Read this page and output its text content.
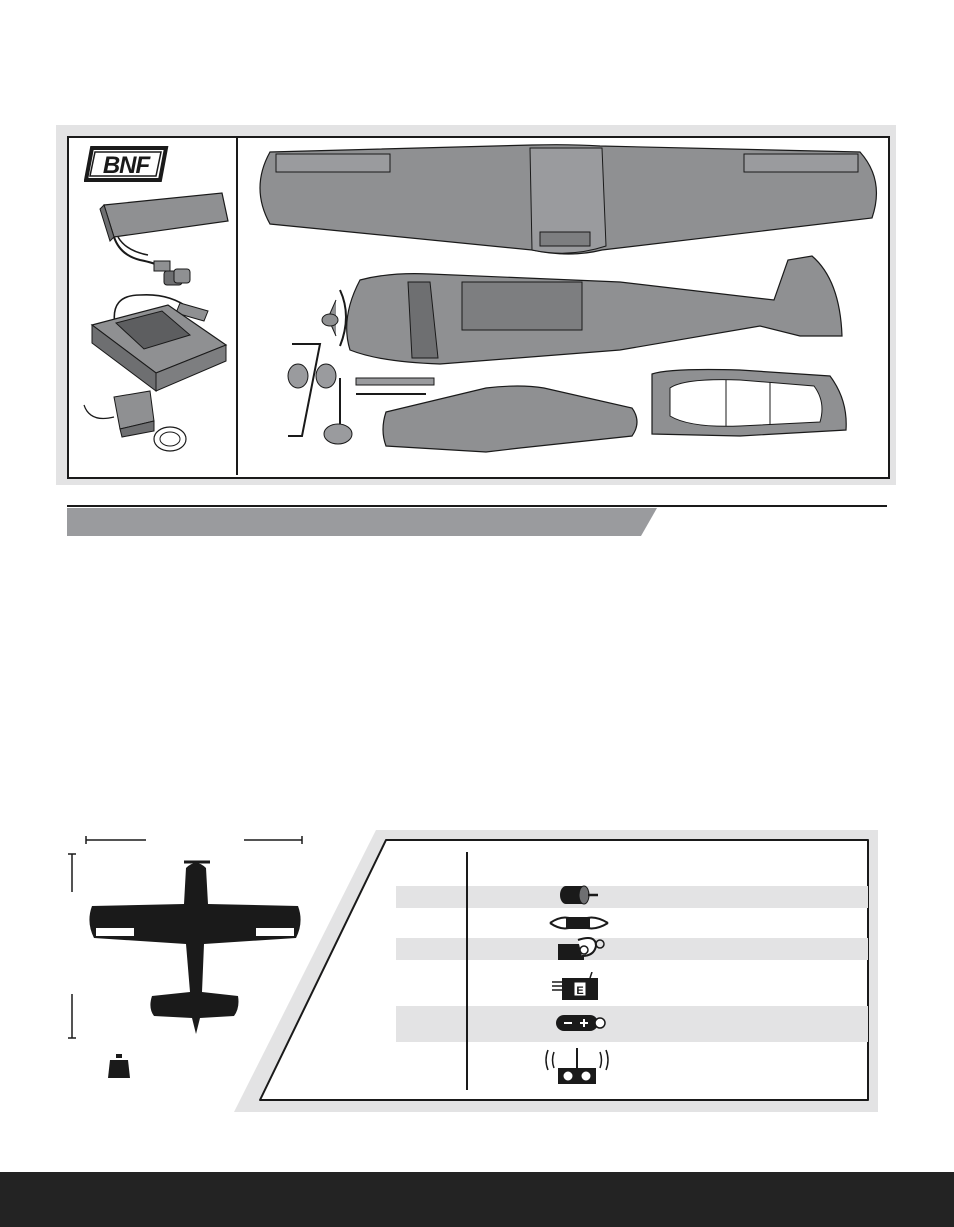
BNF
E
